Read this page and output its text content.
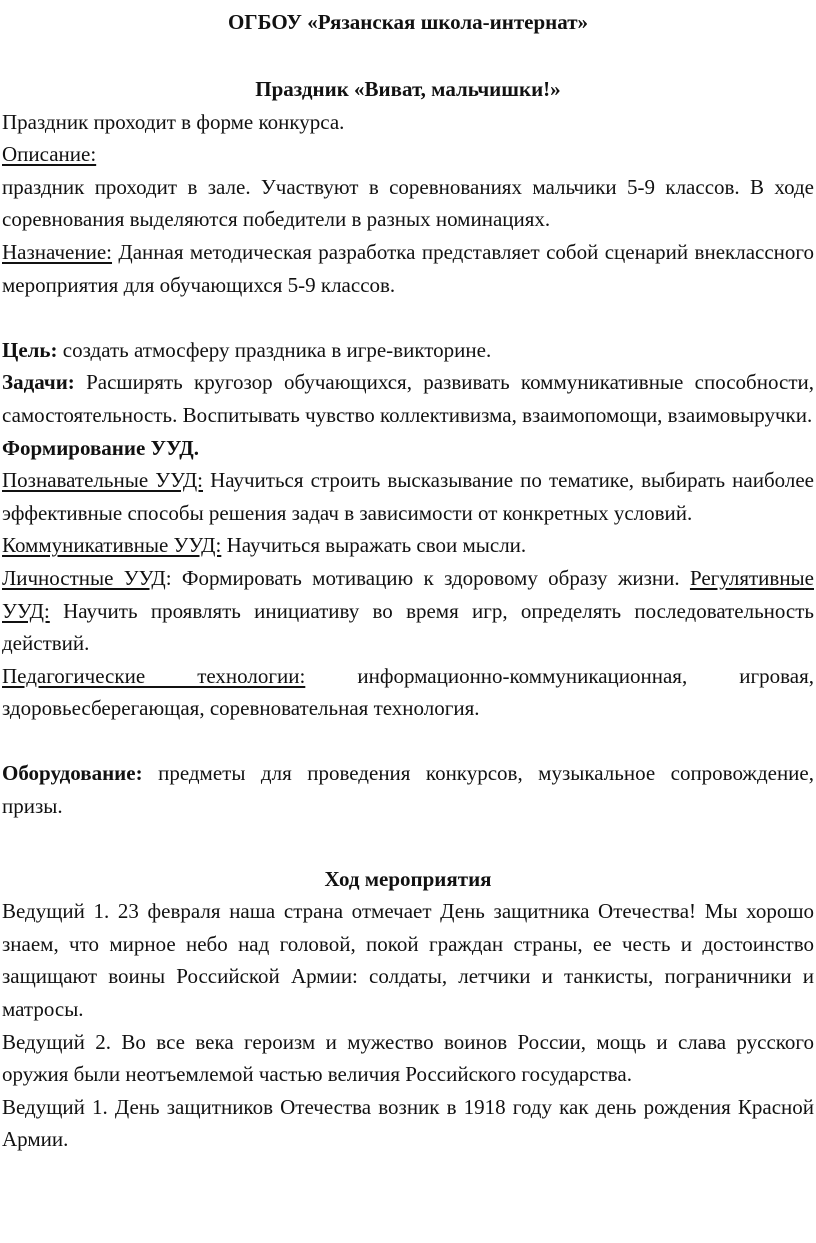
ОГБОУ «Рязанская школа-интернат»
Праздник «Виват, мальчишки!»

Праздник проходит в форме конкурса.

Описание:

праздник проходит в зале. Участвуют в соревнованиях мальчики 5-9 классов. В ходе соревнования выделяются победители в разных номинациях.

Назначение: Данная методическая разработка представляет собой сценарий внеклассного мероприятия для обучающихся 5-9 классов.

Цель: создать атмосферу праздника в игре-викторине.

Задачи: Расширять кругозор обучающихся, развивать коммуникативные способности, самостоятельность. Воспитывать чувство коллективизма, взаимопомощи, взаимовыручки.

Формирование УУД.

Познавательные УУД: Научиться строить высказывание по тематике, выбирать наиболее эффективные способы решения задач в зависимости от конкретных условий.

Коммуникативные УУД: Научиться выражать свои мысли.

Личностные УУД: Формировать мотивацию к здоровому образу жизни. Регулятивные УУД: Научить проявлять инициативу во время игр, определять последовательность действий.

Педагогические технологии: информационно-коммуникационная, игровая, здоровьесберегающая, соревновательная технология.

Оборудование: предметы для проведения конкурсов, музыкальное сопровождение, призы.

Ход мероприятия

Ведущий 1. 23 февраля наша страна отмечает День защитника Отечества! Мы хорошо знаем, что мирное небо над головой, покой граждан страны, ее честь и достоинство защищают воины Российской Армии: солдаты, летчики и танкисты, пограничники и матросы.

Ведущий 2. Во все века героизм и мужество воинов России, мощь и слава русского оружия были неотъемлемой частью величия Российского государства.

Ведущий 1. День защитников Отечества возник в 1918 году как день рождения Красной Армии.
